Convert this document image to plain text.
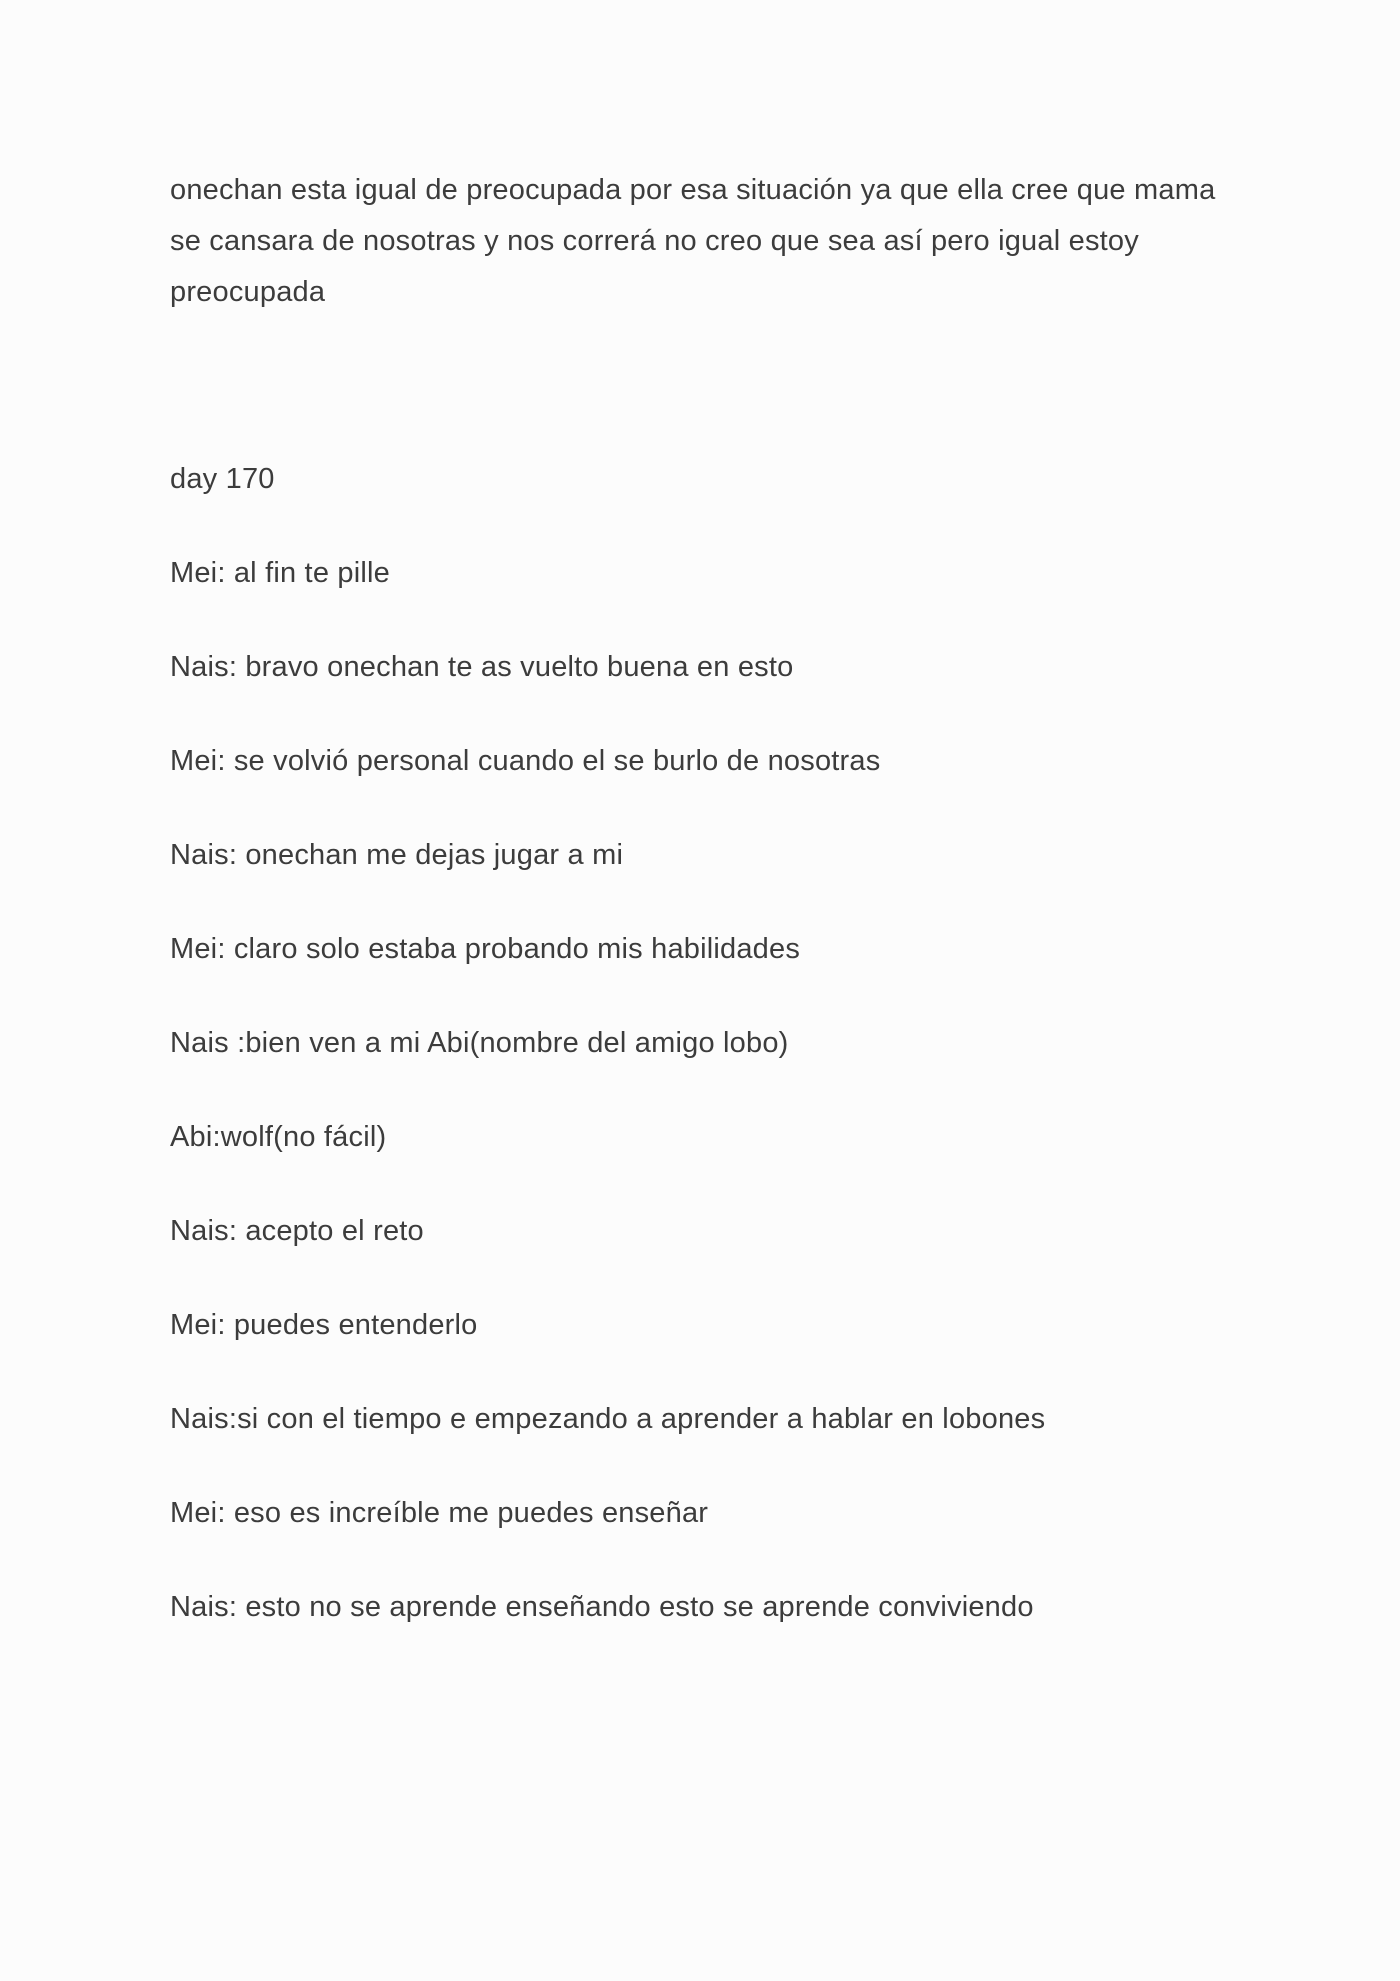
onechan esta igual de preocupada por esa situación ya que ella cree que mama se cansara de nosotras y nos correrá no creo que sea así pero igual estoy preocupada

day 170
Mei: al fin te pille
Nais: bravo onechan te as vuelto buena en esto
Mei: se volvió personal cuando el se burlo de nosotras
Nais: onechan me dejas jugar a mi
Mei: claro solo estaba probando mis habilidades
Nais :bien ven a mi Abi(nombre del amigo lobo)
Abi:wolf(no fácil)
Nais: acepto el reto
Mei: puedes entenderlo
Nais:si con el tiempo e empezando a aprender a hablar en lobones
Mei: eso es increíble me puedes enseñar
Nais: esto no se aprende enseñando esto se aprende conviviendo
